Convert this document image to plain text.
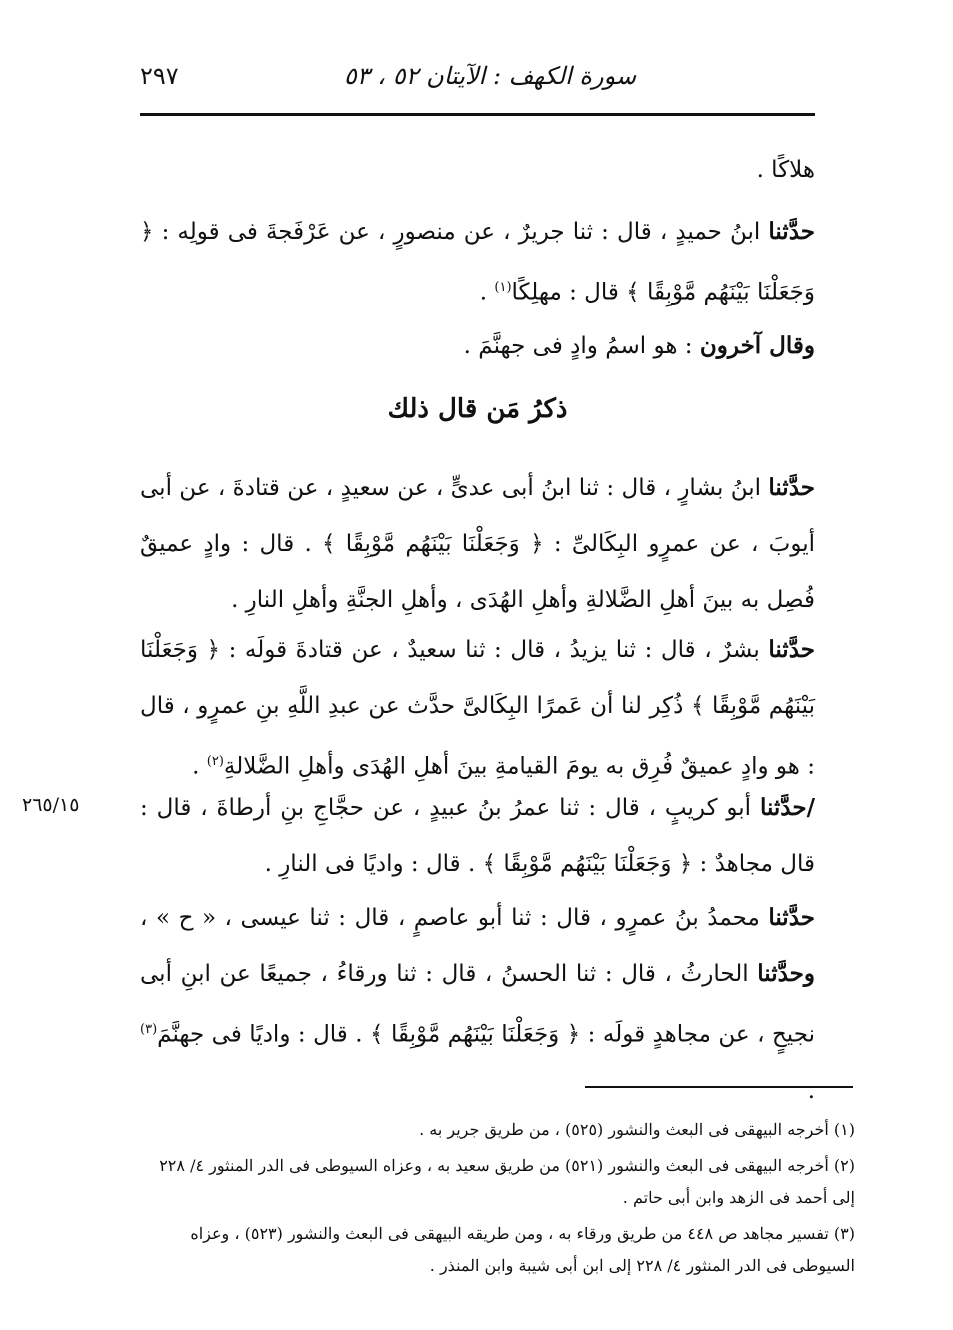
سورة الكهف : الآيتان ٥٢ ، ٥٣
٢٩٧

هلاكًا .

حدَّثنا ابنُ حميدٍ ، قال : ثنا جريرٌ ، عن منصورٍ ، عن عَرْفَجةَ فى قولِه : ﴿ وَجَعَلْنَا بَيْنَهُم مَّوْبِقًا ﴾ قال : مهلِكًا$^{(١)}$ .

وقال آخرون : هو اسمُ وادٍ فى جهنَّمَ .

ذكرُ مَن قال ذلك

حدَّثنا ابنُ بشارٍ ، قال : ثنا ابنُ أبى عدىٍّ ، عن سعيدٍ ، عن قتادةَ ، عن أبى أيوبَ ، عن عمرٍو البِكَالىِّ : ﴿ وَجَعَلْنَا بَيْنَهُم مَّوْبِقًا ﴾ . قال : وادٍ عميقٌ فُصِل به بينَ أهلِ الضَّلالةِ وأهلِ الهُدَى ، وأهلِ الجنَّةِ وأهلِ النارِ .

حدَّثنا بشرٌ ، قال : ثنا يزيدُ ، قال : ثنا سعيدٌ ، عن قتادةَ قولَه : ﴿ وَجَعَلْنَا بَيْنَهُم مَّوْبِقًا ﴾ ذُكِر لنا أن عَمرًا البِكَالىَّ حدَّث عن عبدِ اللَّهِ بنِ عمرٍو ، قال : هو وادٍ عميقٌ فُرِق به يومَ القيامةِ بينَ أهلِ الهُدَى وأهلِ الضَّلالةِ$^{(٢)}$ .

٢٦٥/١٥	/حدَّثنا أبو كريبٍ ، قال : ثنا عمرُ بنُ عبيدٍ ، عن حجَّاجِ بنِ أرطاةَ ، قال : قال مجاهدٌ : ﴿ وَجَعَلْنَا بَيْنَهُم مَّوْبِقًا ﴾ . قال : واديًا فى النارِ .

حدَّثنا محمدُ بنُ عمرٍو ، قال : ثنا أبو عاصمٍ ، قال : ثنا عيسى ، « ح » ، وحدَّثنا الحارثُ ، قال : ثنا الحسنُ ، قال : ثنا ورقاءُ ، جميعًا عن ابنِ أبى نجيحٍ ، عن مجاهدٍ قولَه : ﴿ وَجَعَلْنَا بَيْنَهُم مَّوْبِقًا ﴾ . قال : واديًا فى جهنَّمَ$^{(٣)}$ .

(١) أخرجه البيهقى فى البعث والنشور (٥٢٥) ، من طريق جرير به .

(٢) أخرجه البيهقى فى البعث والنشور (٥٢١) من طريق سعيد به ، وعزاه السيوطى فى الدر المنثور ٤/ ٢٢٨ إلى أحمد فى الزهد وابن أبى حاتم .

(٣) تفسير مجاهد ص ٤٤٨ من طريق ورقاء به ، ومن طريقه البيهقى فى البعث والنشور (٥٢٣) ، وعزاه السيوطى فى الدر المنثور ٤/ ٢٢٨ إلى ابن أبى شيبة وابن المنذر .
